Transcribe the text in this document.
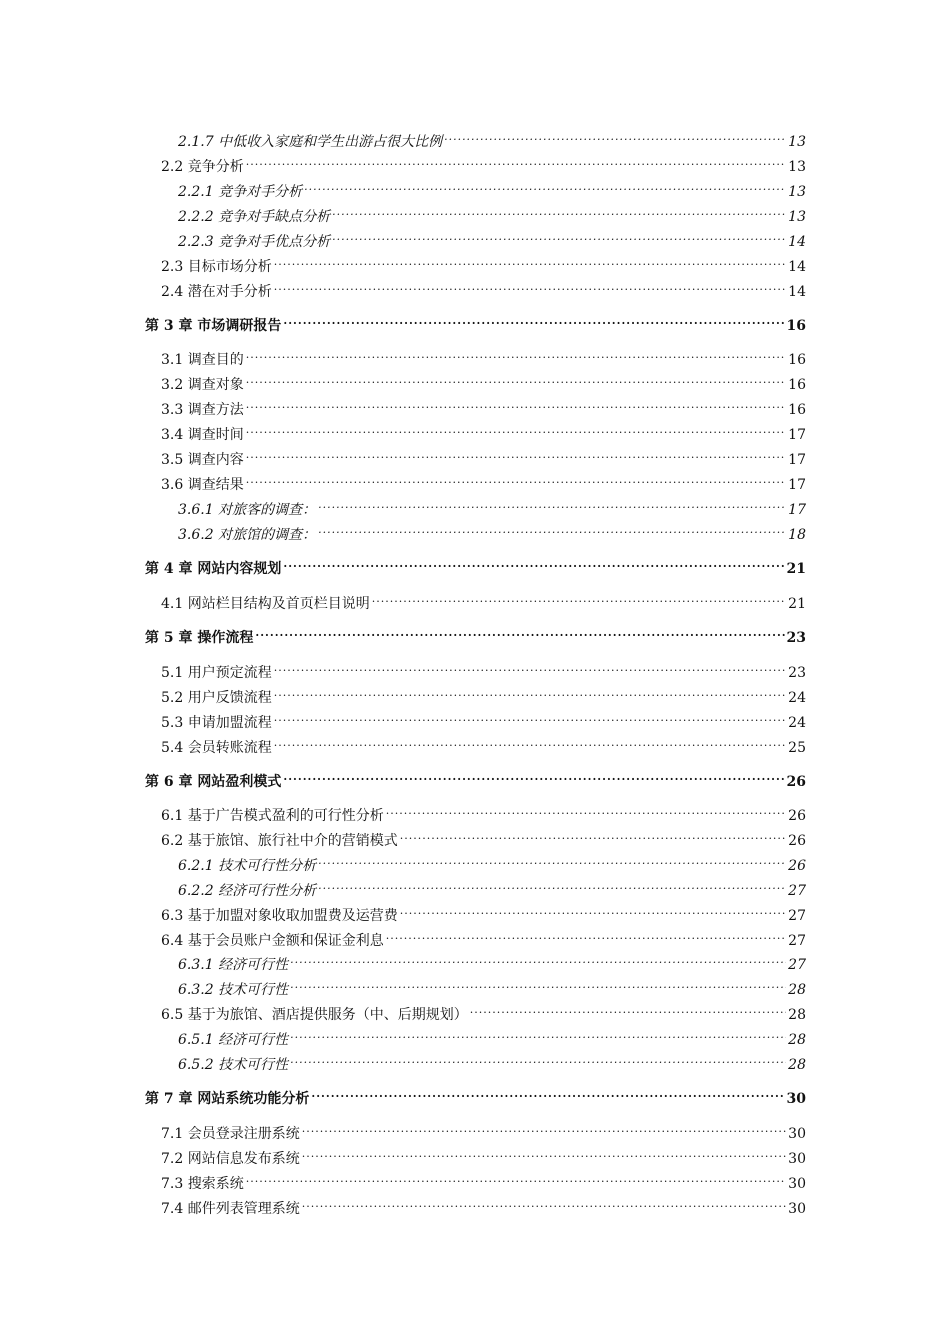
2.1.7 中低收入家庭和学生出游占很大比例 .....	13
2.2 竞争分析 .....	13
2.2.1 竞争对手分析 .....	13
2.2.2 竞争对手缺点分析 .....	13
2.2.3 竞争对手优点分析 .....	14
2.3 目标市场分析 .....	14
2.4 潜在对手分析 .....	14
第 3 章 市场调研报告 .....	16
3.1 调查目的 .....	16
3.2 调查对象 .....	16
3.3 调查方法 .....	16
3.4 调查时间 .....	17
3.5 调查内容 .....	17
3.6 调查结果 .....	17
3.6.1 对旅客的调查： .....	17
3.6.2 对旅馆的调查： .....	18
第 4 章 网站内容规划 .....	21
4.1 网站栏目结构及首页栏目说明 .....	21
第 5 章 操作流程 .....	23
5.1 用户预定流程 .....	23
5.2 用户反馈流程 .....	24
5.3 申请加盟流程 .....	24
5.4 会员转账流程 .....	25
第 6 章 网站盈利模式 .....	26
6.1 基于广告模式盈利的可行性分析 .....	26
6.2 基于旅馆、旅行社中介的营销模式 .....	26
6.2.1 技术可行性分析 .....	26
6.2.2 经济可行性分析 .....	27
6.3 基于加盟对象收取加盟费及运营费 .....	27
6.4 基于会员账户金额和保证金利息 .....	27
6.3.1 经济可行性 .....	27
6.3.2 技术可行性 .....	28
6.5 基于为旅馆、酒店提供服务（中、后期规划） .....	28
6.5.1 经济可行性 .....	28
6.5.2 技术可行性 .....	28
第 7 章 网站系统功能分析 .....	30
7.1 会员登录注册系统 .....	30
7.2 网站信息发布系统 .....	30
7.3 搜索系统 .....	30
7.4 邮件列表管理系统 .....	30
